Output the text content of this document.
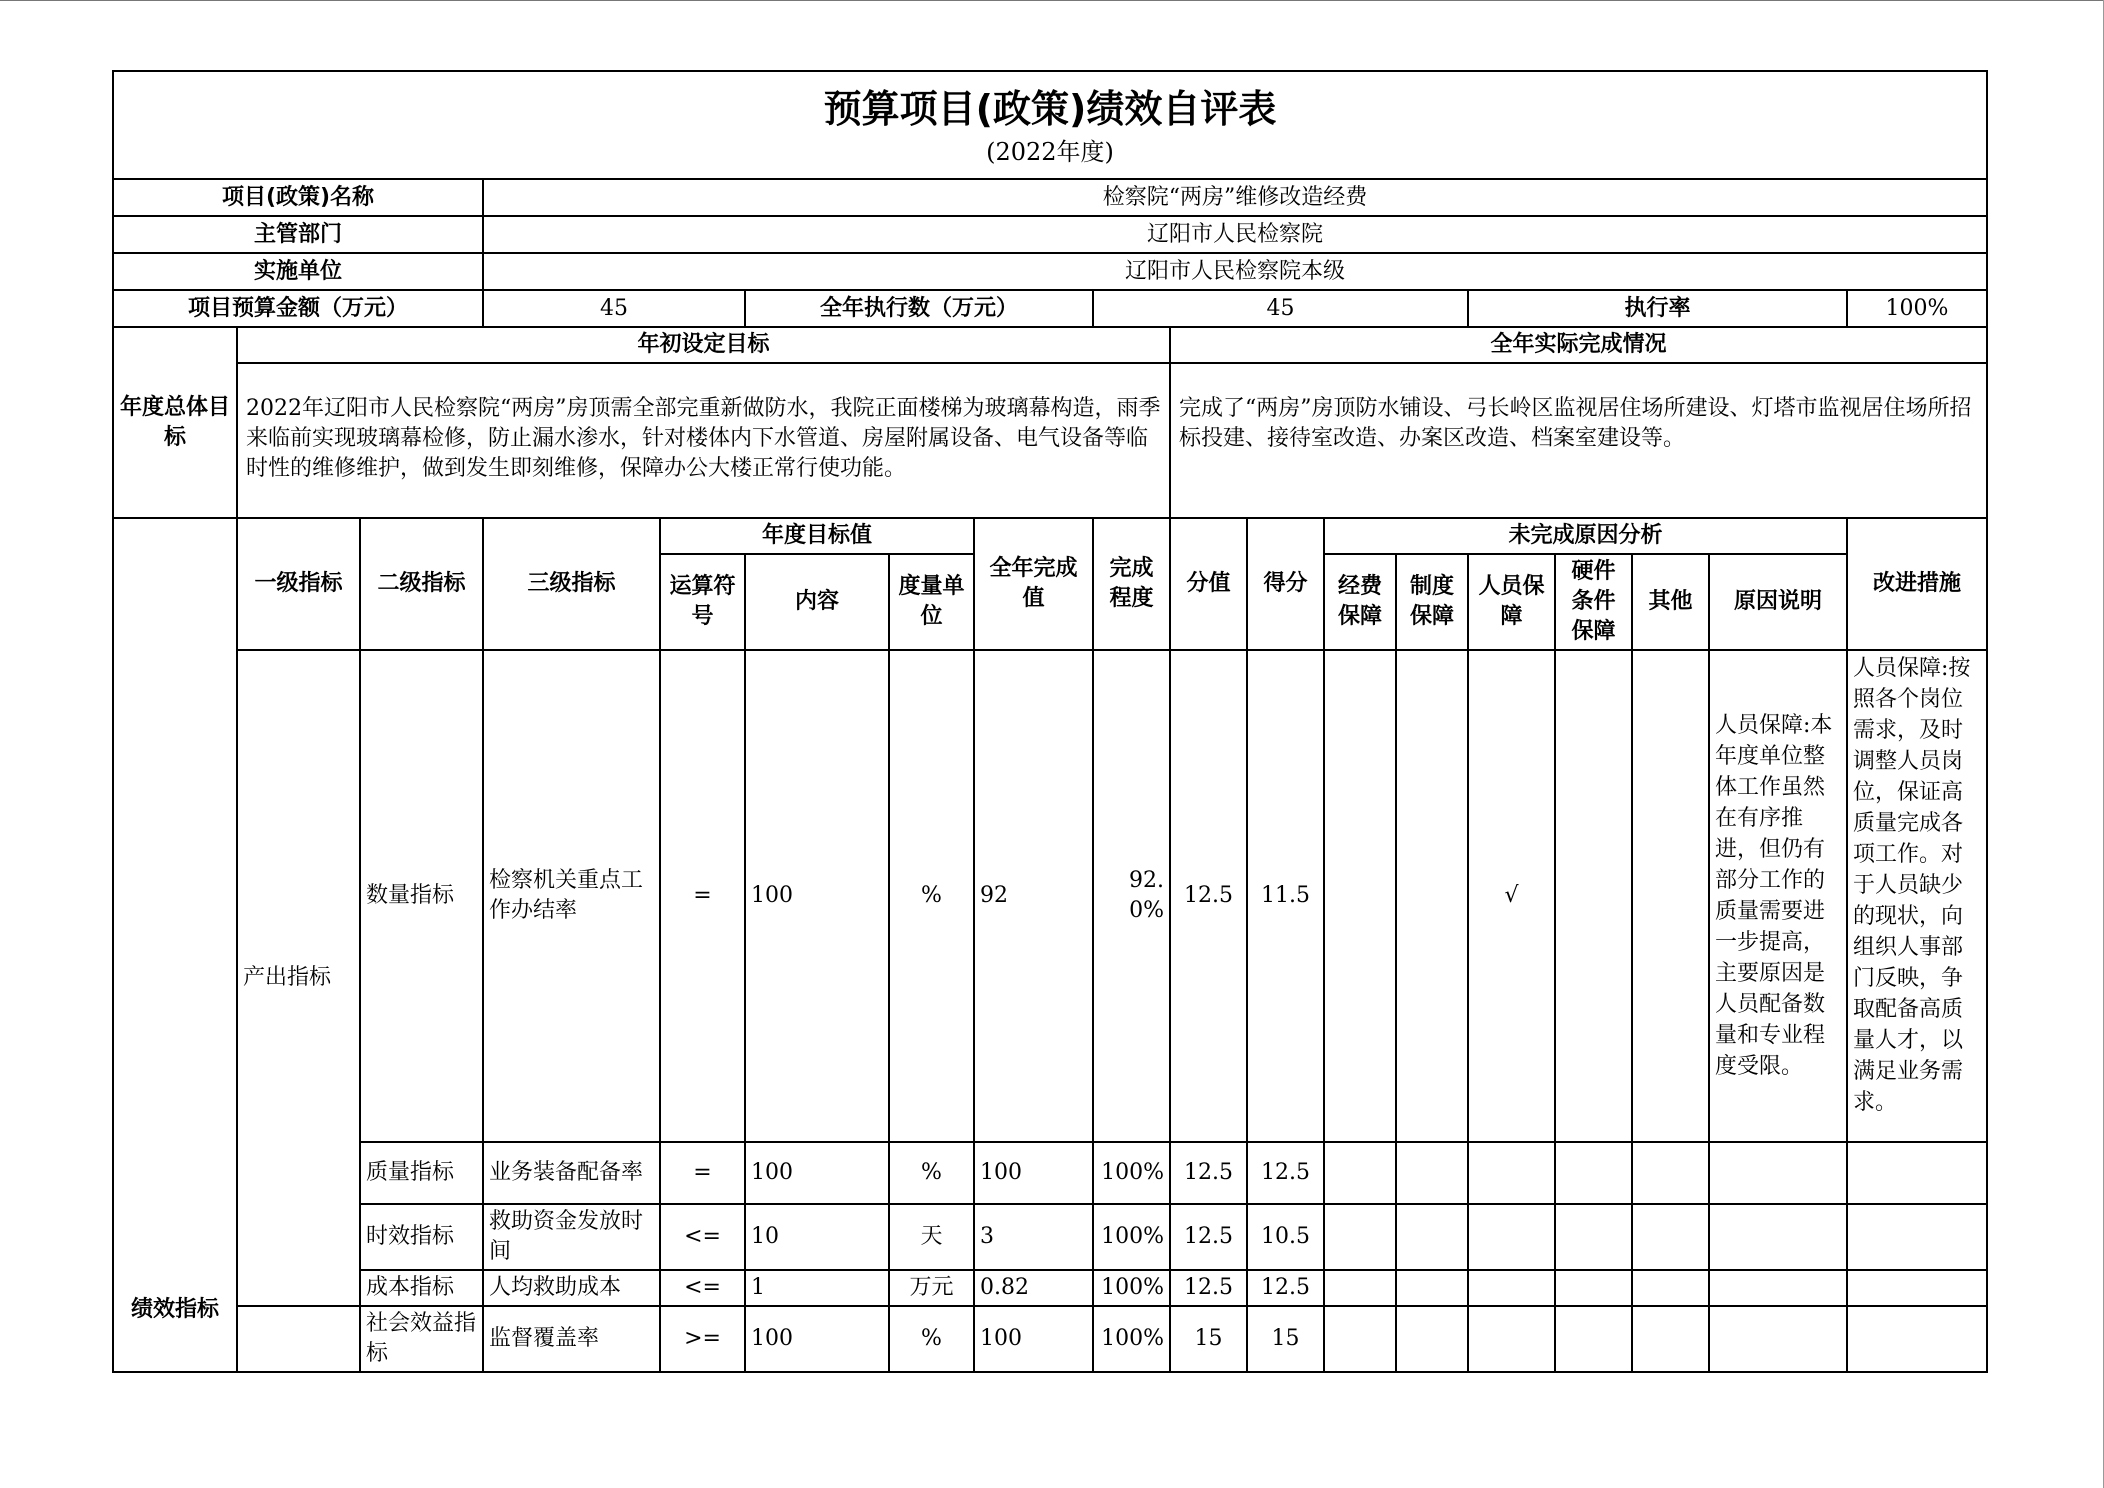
预算项目(政策)绩效自评表
(2022年度)																	

项目(政策)名称			检察院“两房”维修改造经费														
主管部门			辽阳市人民检察院														
实施单位			辽阳市人民检察院本级														
项目预算金额（万元）			45		全年执行数（万元）			45					执行率				100%
年度总体目标	年初设定目标								全年实际完成情况								
	2022年辽阳市人民检察院“两房”房顶需全部完重新做防水，我院正面楼梯为玻璃幕构造，雨季来临前实现玻璃幕检修，防止漏水渗水，针对楼体内下水管道、房屋附属设备、电气设备等临时性的维修维护，做到发生即刻维修，保障办公大楼正常行使功能。								完成了“两房”房顶防水铺设、弓长岭区监视居住场所建设、灯塔市监视居住场所招标投建、接待室改造、办案区改造、档案室建设等。								
绩效指标	一级指标	二级指标	三级指标	年度目标值			全年完成值	完成程度	分值	得分	未完成原因分析						改进措施
				运算符号	内容	度量单位					经费保障	制度保障	人员保障	硬件条件保障	其他	原因说明	
	产出指标	数量指标	检察机关重点工作办结率	=	100	%	92	92.0%	12.5	11.5			√			人员保障:本年度单位整体工作虽然在有序推进，但仍有部分工作的质量需要进一步提高，主要原因是人员配备数量和专业程度受限。	人员保障:按照各个岗位需求，及时调整人员岗位，保证高质量完成各项工作。对于人员缺少的现状，向组织人事部门反映，争取配备高质量人才，以满足业务需求。
		质量指标	业务装备配备率	=	100	%	100	100%	12.5	12.5							
		时效指标	救助资金发放时间	<=	10	天	3	100%	12.5	10.5							
		成本指标	人均救助成本	<=	1	万元	0.82	100%	12.5	12.5							
		社会效益指标	监督覆盖率	>=	100	%	100	100%	15	15							
